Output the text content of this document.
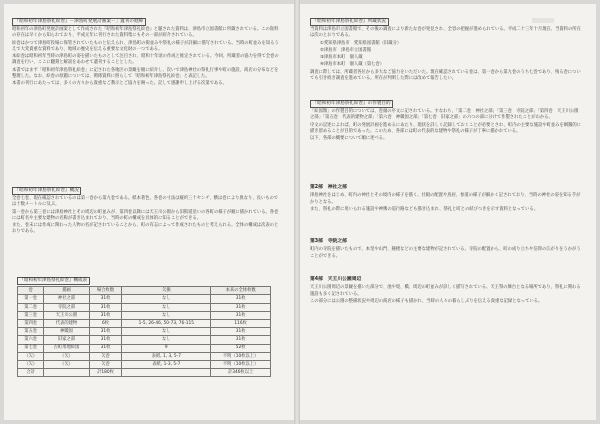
『昭和初年津島祭礼絵巻』－津島町発展計画案－」遺刊の経緯

昭和初年の津島町発展計画案として作成された『昭和初年津島祭礼絵巻』と題された資料は、津島市立図書館に所蔵されている。この資料の存在は早くから知られており、平成元年に刊行された資料集にもその一部が紹介されている。

絵巻はかつて津島町役場に保管されていたものと伝えられ、津島町の街並みや祭礼の様子が詳細に描写されている。当時の町並みを知るうえで大変貴重な資料であり、地域の歴史を伝える重要な文化財の一つである。

本絵巻は昭和初年当時の津島町の姿を描いたものとして注目され、昭和十年頃の作成と推定されている。今回、所蔵者の協力を得て全巻の調査を行い、ここに翻刻と解説をあわせて遺刊することとした。

本書ではまず「昭和初年津島祭礼絵巻」に記された各地区の景観を順に紹介し、次いで津島神社の祭礼行事や町の施設、商店の分布などを整理した。なお、絵巻の原題については、関係資料に照らして「昭和初年津島祭礼絵巻」と表記した。

本書の刊行にあたっては、多くの方々から貴重なご教示とご協力を賜った。記して感謝申し上げる次第である。

『昭和初年津島祭礼絵巻』概況

全巻七巻、現在確認されているのは第一巻から第九巻である。紙本著色、各巻の寸法は縦約三十センチ、横は巻により異なり、長いものでは十数メートルに及ぶ。

第一巻から第三巻には津島神社とその周辺の町並みが、第四巻以降には天王川公園から旧街道沿いの各町の様子が順に描かれている。各巻には町名や主要な建物の名称が書き込まれており、当時の町の構成を具体的に知ることができる。

また、巻末には作成に関わった人物の名が記されていることから、町の有志によって作成されたものと考えられる。全体の構成は次表のとおりである。

『昭和初年津島祭礼絵巻』構成表
巻	描画	場合枚数	欠損	本来の全体枚数
第一巻	神社之部	31枚	なし	31枚
第二巻	寺院之部	31枚	なし	31枚
第三巻	天王川公園	31枚	なし	31枚
第四巻	代表的建物	6枚	1-5, 26-46, 50-73, 76-115	116枚
第五巻	神職図	31枚	なし	31枚
第六巻	旧家之部	31枚	なし	31枚
第七巻	古町用地絵図	31枚	9	52枚
（欠）	（欠）	欠巻	表紙, 1, 3, 5-7	不明（10枚以上）
（欠）	（欠）	欠巻	表紙, 1-3, 5-7	不明（10枚以上）
合計		計180枚		計346枚以上
『昭和初年津島祭礼絵巻』所蔵状況

当資料は津島市立図書館で、その後の調査により新たな巻が発見され、全容の把握が進められている。平成二十三年十月現在、当資料の所在は次のとおりである。

①愛知県津島市　愛知県図書館（旧蔵分）

②津島市　津島市立図書館

③津島市本町　個人蔵

④津島市本町　個人蔵（第七巻）

調査に際しては、所蔵者各位から多大なご協力をいただいた。現在確認されている巻は、第一巻から第九巻のうち七巻であり、残る巻についても引き続き調査を進めている。所在が判明した際には改めて報告したい。

『昭和初年津島祭礼絵巻』の作製目的

「絵図類」の作製目的については、巻頭の序文に記されている。すなわち、「第二巻　神社之部」「第三巻　寺院之部」「第四巻　天王川公園之部」「第五巻　代表的建物之部」「第六巻　神職図之部」「第七巻　旧家之部」の六つの部に分けて作製されたことがわかる。

序文の記述によれば、町の発展計画を進めるにあたり、現状を詳しく記録しておくことが必要とされ、町内の主要な施設や町並みを網羅的に描き留めることが目的であった。このため、各部には町の代表的な建物や祭礼の様子が丁寧に描かれている。

以下、各部の概要について順に述べる。

第2部　神社之部

津島神社をはじめ、町内の神社とその境内の様子を描く。社殿の配置や鳥居、参道の様子が細かく記されており、当時の神社の姿を知る手がかりとなる。

また、祭礼の際に用いられる施設や神輿の巡行路なども描き込まれ、祭礼と町との結びつきを示す資料となっている。

第3部　寺院之部

町内の寺院を描いたもので、本堂や山門、鐘楼などの主要な建物が記されている。寺院の配置から、町の成り立ちや信仰の広がりをうかがうことができる。

第4部　天王川公園周辺

天王川公園周辺の景観を描いた部分で、池や堤、橋、周辺の町並みが詳しく描写されている。天王祭の舞台となる場所であり、祭礼に関わる施設も多く記されている。

この部分には公園の整備状況や周辺の商店の様子も描かれ、当時の人々の暮らしぶりを伝える貴重な記録となっている。
